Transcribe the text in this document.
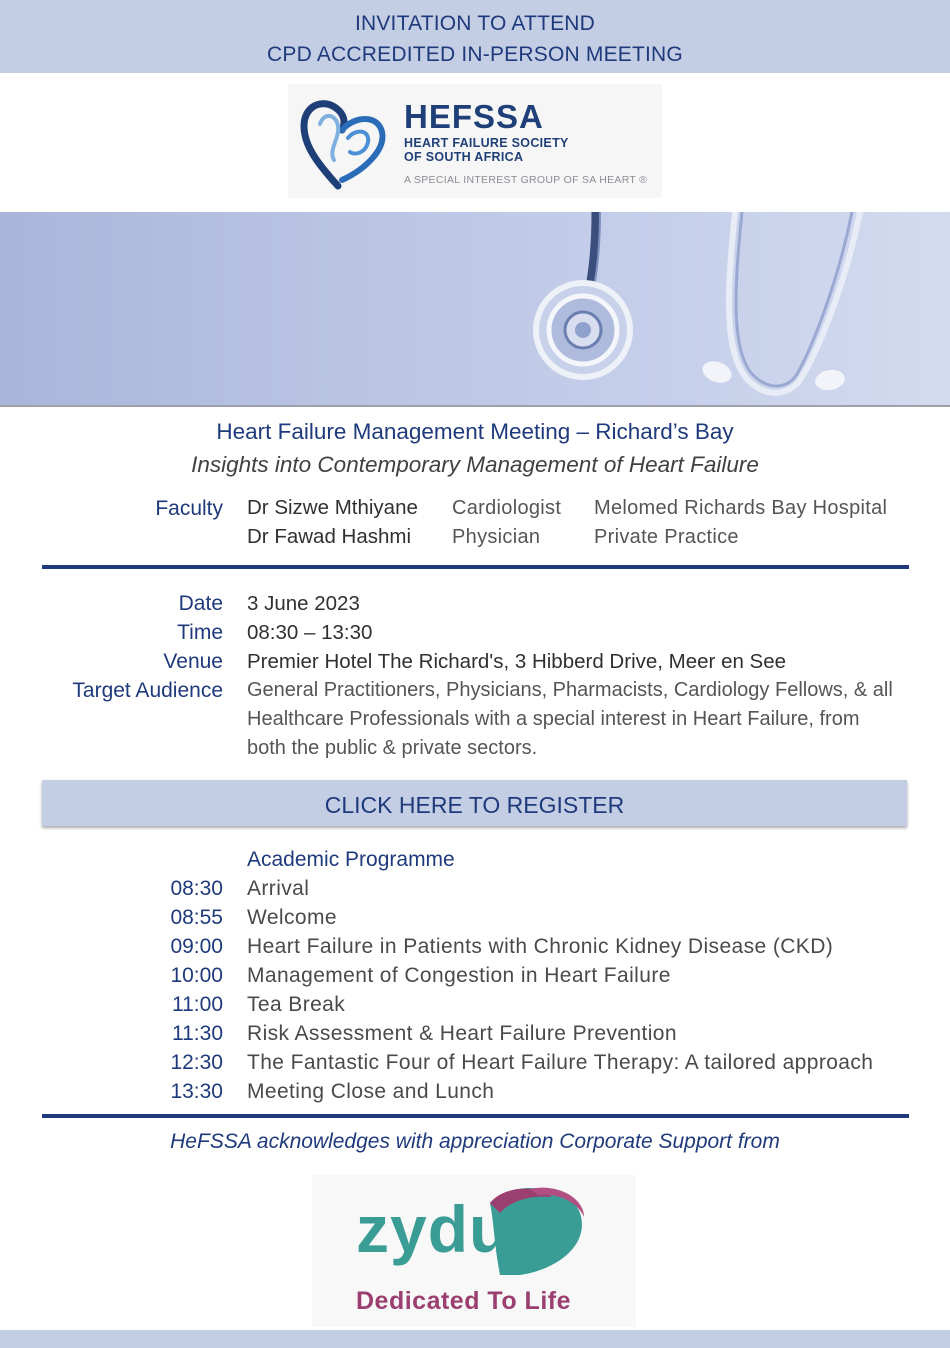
INVITATION TO ATTEND
CPD ACCREDITED IN-PERSON MEETING
HEFSSA
HEART FAILURE SOCIETY
OF SOUTH AFRICA
A SPECIAL INTEREST GROUP OF SA HEART ®
Heart Failure Management Meeting – Richard’s Bay
Insights into Contemporary Management of Heart Failure
Faculty Dr Sizwe Mthiyane Cardiologist Melomed Richards Bay Hospital
Dr Fawad Hashmi Physician	Private Practice
Date 3 June 2023
Time 08:30 – 13:30
Venue Premier Hotel The Richard's, 3 Hibberd Drive, Meer en See
Target Audience General Practitioners, Physicians, Pharmacists, Cardiology Fellows, & all
Healthcare Professionals with a special interest in Heart Failure, from
both the public & private sectors.
CLICK HERE TO REGISTER
Academic Programme
08:30 Arrival
08:55 Welcome
09:00 Heart Failure in Patients with Chronic Kidney Disease (CKD)
10:00 Management of Congestion in Heart Failure
11:00 Tea Break
11:30 Risk Assessment & Heart Failure Prevention
12:30 The Fantastic Four of Heart Failure Therapy: A tailored approach
13:30 Meeting Close and Lunch
HeFSSA acknowledges with appreciation Corporate Support from
zydus
Dedicated To Life
